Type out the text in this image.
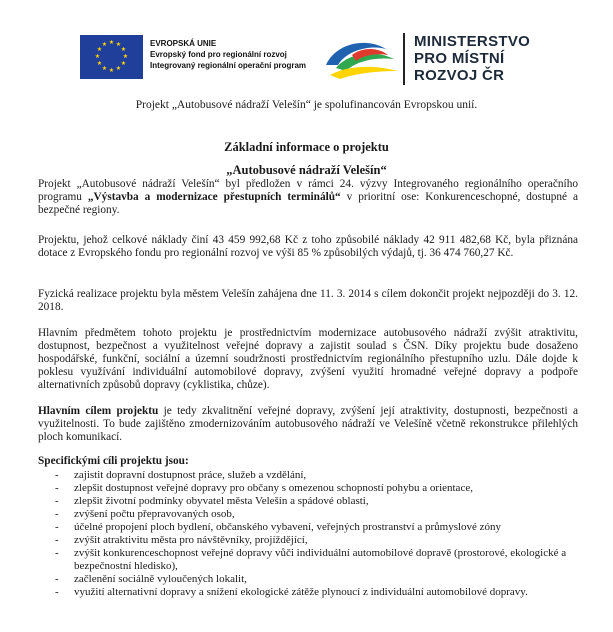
★ ★
★
★
★
★
★
★
★
★
★
★	EVROPSKÁ UNIE
Evropský fond pro regionální rozvoj
Integrovaný regionální operační program
MINISTERSTVO
PRO MÍSTNÍ
ROZVOJ ČR
Projekt „Autobusové nádraží Velešín“ je spolufinancován Evropskou unií.
Základní informace o projektu
„Autobusové nádraží Velešín“

Projekt „Autobusové nádraží Velešín“ byl předložen v rámci 24. výzvy Integrovaného regionálního operačního programu „Výstavba a modernizace přestupních terminálů“ v prioritní ose: Konkurenceschopné, dostupné a bezpečné regiony.

Projektu, jehož celkové náklady činí 43 459 992,68 Kč z toho způsobilé náklady 42 911 482,68 Kč, byla přiznána dotace z Evropského fondu pro regionální rozvoj ve výši 85 % způsobilých výdajů, tj. 36 474 760,27 Kč.

Fyzická realizace projektu byla městem Velešín zahájena dne 11. 3. 2014 s cílem dokončit projekt nejpozději do 3. 12. 2018.

Hlavním předmětem tohoto projektu je prostřednictvím modernizace autobusového nádraží zvýšit atraktivitu, dostupnost, bezpečnost a využitelnost veřejné dopravy a zajistit soulad s ČSN. Díky projektu bude dosaženo hospodářské, funkční, sociální a územní soudržnosti prostřednictvím regionálního přestupního uzlu. Dále dojde k poklesu využívání individuální automobilové dopravy, zvýšení využití hromadné veřejné dopravy a podpoře alternativních způsobů dopravy (cyklistika, chůze).

Hlavním cílem projektu je tedy zkvalitnění veřejné dopravy, zvýšení její atraktivity, dostupnosti, bezpečnosti a využitelnosti. To bude zajištěno zmodernizováním autobusového nádraží ve Velešíně včetně rekonstrukce přilehlých ploch komunikací.

Specifickými cíli projektu jsou:
- zajistit dopravní dostupnost práce, služeb a vzdělání,
- zlepšit dostupnost veřejné dopravy pro občany s omezenou schopností pohybu a orientace,
- zlepšit životní podmínky obyvatel města Velešín a spádové oblasti,
- zvýšení počtu přepravovaných osob,
- účelné propojení ploch bydlení, občanského vybavení, veřejných prostranství a průmyslové zóny
- zvýšit atraktivitu města pro návštěvníky, projíždějící,
- zvýšit konkurenceschopnost veřejné dopravy vůči individuální automobilové dopravě (prostorové, ekologické a bezpečnostní hledisko),
- začlenění sociálně vyloučených lokalit,
- využití alternativní dopravy a snížení ekologické zátěže plynoucí z individuální automobilové dopravy.
